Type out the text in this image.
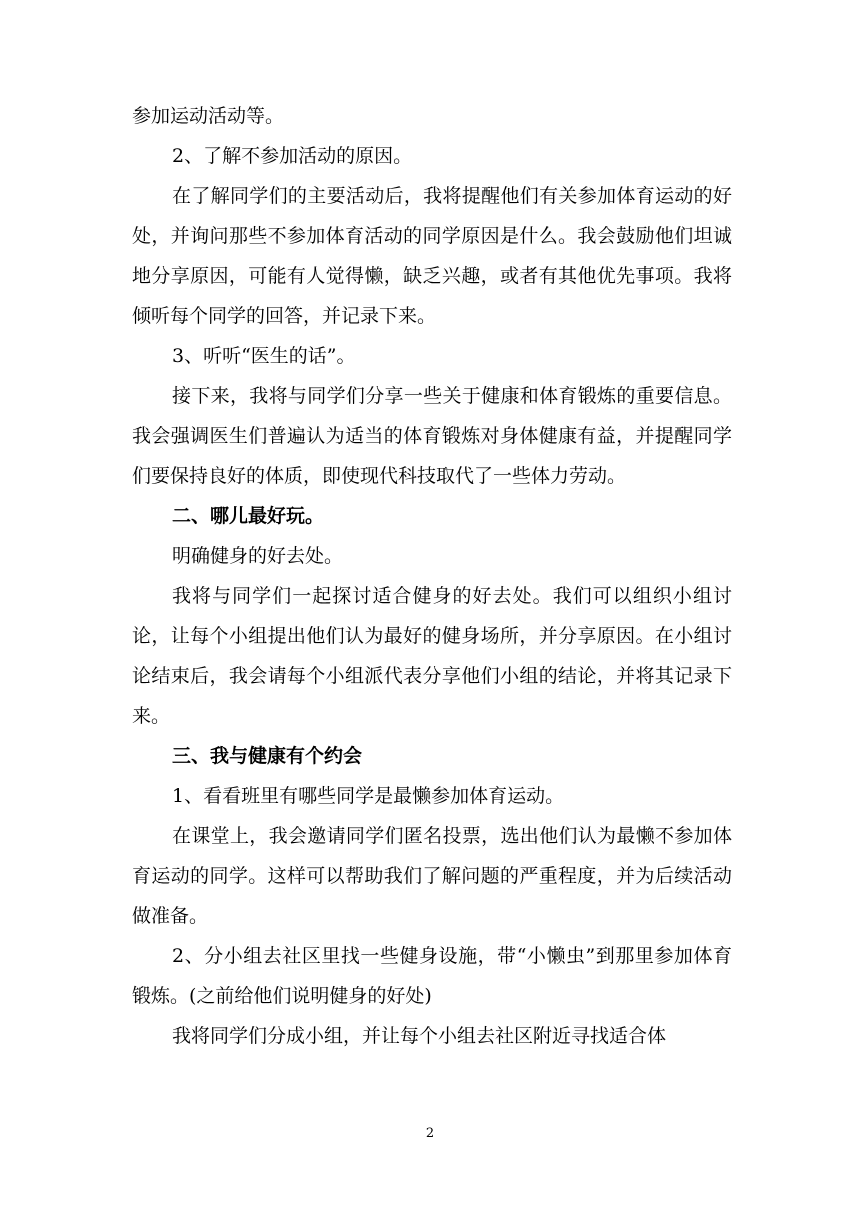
参加运动活动等。

2、了解不参加活动的原因。

在了解同学们的主要活动后，我将提醒他们有关参加体育运动的好处，并询问那些不参加体育活动的同学原因是什么。我会鼓励他们坦诚地分享原因，可能有人觉得懒，缺乏兴趣，或者有其他优先事项。我将倾听每个同学的回答，并记录下来。

3、听听“医生的话”。

接下来，我将与同学们分享一些关于健康和体育锻炼的重要信息。我会强调医生们普遍认为适当的体育锻炼对身体健康有益，并提醒同学们要保持良好的体质，即使现代科技取代了一些体力劳动。

二、哪儿最好玩。

明确健身的好去处。

我将与同学们一起探讨适合健身的好去处。我们可以组织小组讨论，让每个小组提出他们认为最好的健身场所，并分享原因。在小组讨论结束后，我会请每个小组派代表分享他们小组的结论，并将其记录下来。

三、我与健康有个约会

1、看看班里有哪些同学是最懒参加体育运动。

在课堂上，我会邀请同学们匿名投票，选出他们认为最懒不参加体育运动的同学。这样可以帮助我们了解问题的严重程度，并为后续活动做准备。

2、分小组去社区里找一些健身设施，带“小懒虫”到那里参加体育锻炼。(之前给他们说明健身的好处)

我将同学们分成小组，并让每个小组去社区附近寻找适合体

2
